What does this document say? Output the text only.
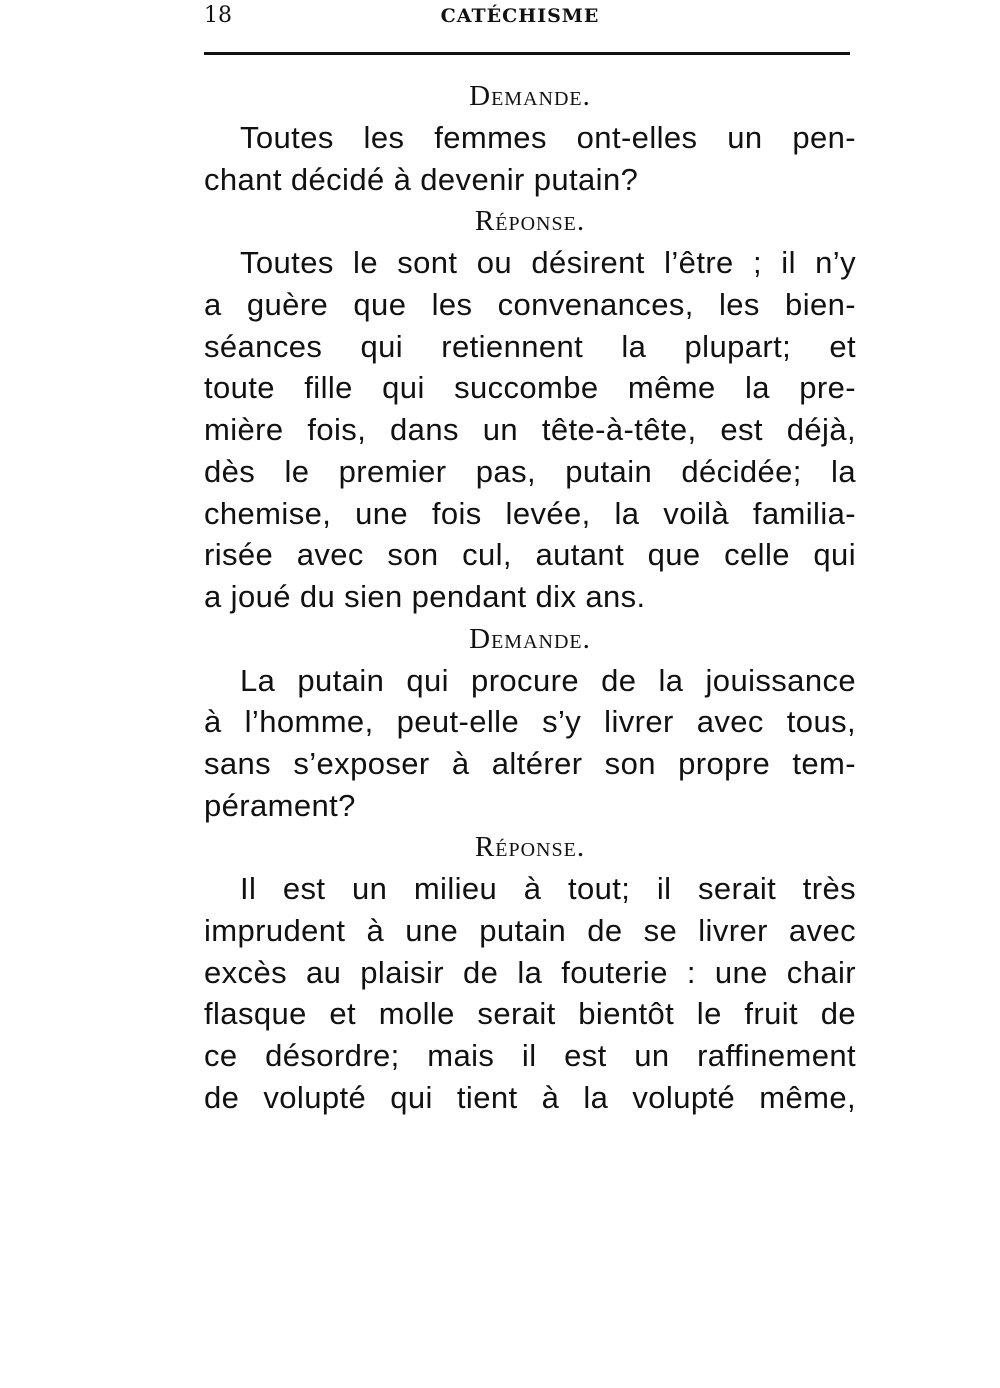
18	CATÉCHISME
Demande.
Toutes les femmes ont-elles un pen-
chant décidé à devenir putain?
Réponse.
Toutes le sont ou désirent l’être ; il n’y
a guère que les convenances, les bien-
séances qui retiennent la plupart; et
toute fille qui succombe même la pre-
mière fois, dans un tête-à-tête, est déjà,
dès le premier pas, putain décidée; la
chemise, une fois levée, la voilà familia-
risée avec son cul, autant que celle qui
a joué du sien pendant dix ans.
Demande.
La putain qui procure de la jouissance
à l’homme, peut-elle s’y livrer avec tous,
sans s’exposer à altérer son propre tem-
pérament?
Réponse.
Il est un milieu à tout; il serait très
imprudent à une putain de se livrer avec
excès au plaisir de la fouterie : une chair
flasque et molle serait bientôt le fruit de
ce désordre; mais il est un raffinement
de volupté qui tient à la volupté même,
